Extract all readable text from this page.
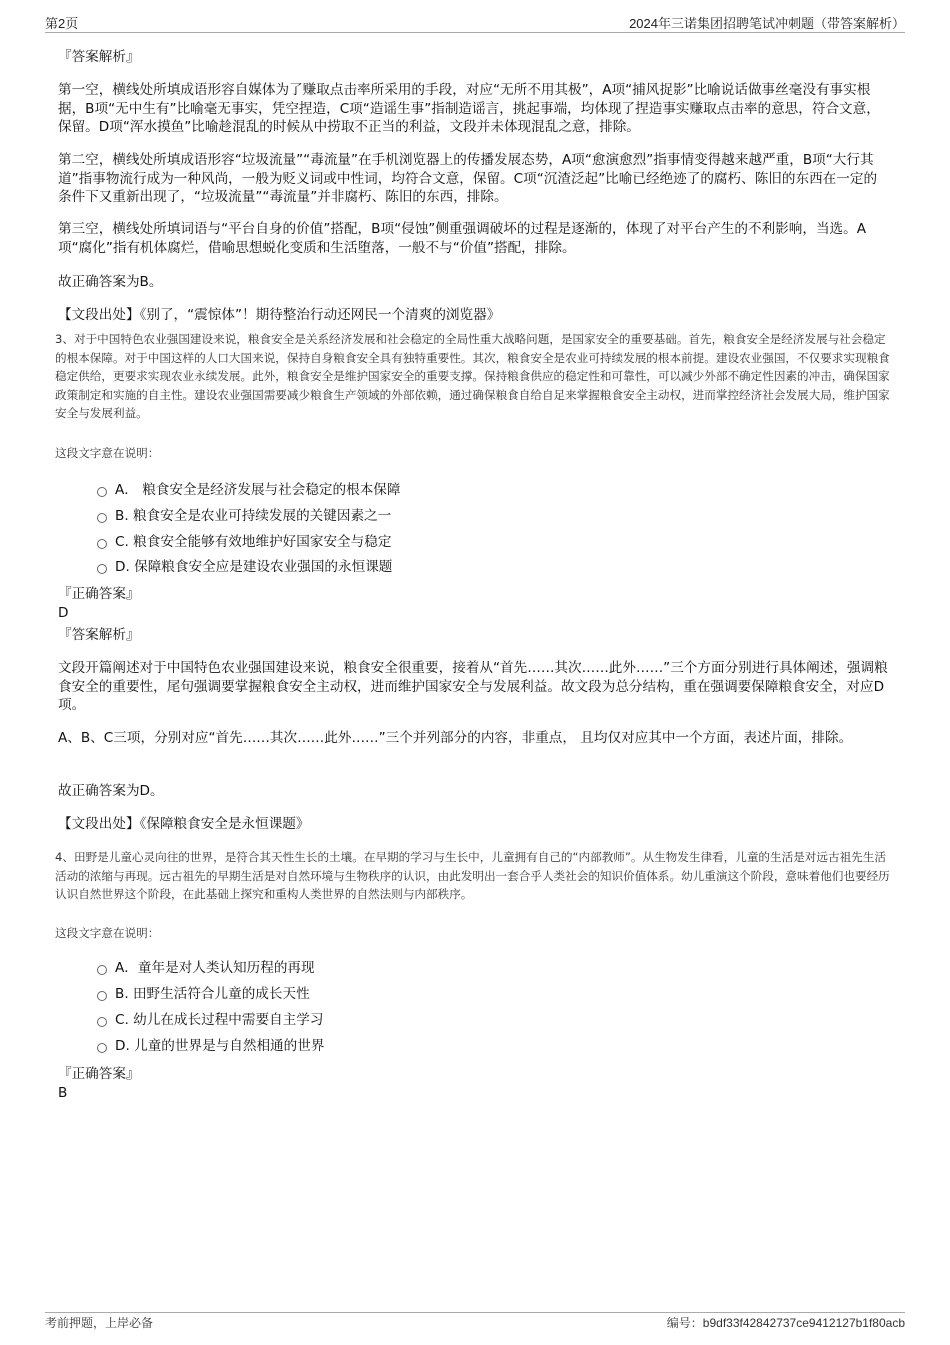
第2页	2024年三诺集团招聘笔试冲刺题（带答案解析）
『答案解析』
第一空，横线处所填成语形容自媒体为了赚取点击率所采用的手段，对应“无所不用其极”，A项“捕风捉影”比喻说话做事丝毫没有事实根据，B项“无中生有”比喻毫无事实，凭空捏造，C项“造谣生事”指制造谣言，挑起事端，均体现了捏造事实赚取点击率的意思，符合文意，保留。D项“浑水摸鱼”比喻趁混乱的时候从中捞取不正当的利益，文段并未体现混乱之意，排除。
第二空，横线处所填成语形容“垃圾流量”“毒流量”在手机浏览器上的传播发展态势，A项“愈演愈烈”指事情变得越来越严重，B项“大行其道”指事物流行成为一种风尚，一般为贬义词或中性词，均符合文意，保留。C项“沉渣泛起”比喻已经绝迹了的腐朽、陈旧的东西在一定的条件下又重新出现了，“垃圾流量”“毒流量”并非腐朽、陈旧的东西，排除。
第三空，横线处所填词语与“平台自身的价值”搭配，B项“侵蚀”侧重强调破坏的过程是逐渐的，体现了对平台产生的不利影响，当选。A项“腐化”指有机体腐烂，借喻思想蜕化变质和生活堕落，一般不与“价值”搭配，排除。
故正确答案为B。
【文段出处】《别了，“震惊体”！期待整治行动还网民一个清爽的浏览器》
3、对于中国特色农业强国建设来说，粮食安全是关系经济发展和社会稳定的全局性重大战略问题，是国家安全的重要基础。首先，粮食安全是经济发展与社会稳定的根本保障。对于中国这样的人口大国来说，保持自身粮食安全具有独特重要性。其次，粮食安全是农业可持续发展的根本前提。建设农业强国，不仅要求实现粮食稳定供给，更要求实现农业永续发展。此外，粮食安全是维护国家安全的重要支撑。保持粮食供应的稳定性和可靠性，可以减少外部不确定性因素的冲击，确保国家政策制定和实施的自主性。建设农业强国需要减少粮食生产领域的外部依赖，通过确保粮食自给自足来掌握粮食安全主动权，进而掌控经济社会发展大局，维护国家安全与发展利益。
这段文字意在说明：
A． 粮食安全是经济发展与社会稳定的根本保障
B. 粮食安全是农业可持续发展的关键因素之一
C. 粮食安全能够有效地维护好国家安全与稳定
D. 保障粮食安全应是建设农业强国的永恒课题
『正确答案』
D
『答案解析』
文段开篇阐述对于中国特色农业强国建设来说，粮食安全很重要，接着从“首先……其次……此外……”三个方面分别进行具体阐述，强调粮食安全的重要性，尾句强调要掌握粮食安全主动权，进而维护国家安全与发展利益。故文段为总分结构，重在强调要保障粮食安全，对应D项。
A、B、C三项，分别对应“首先……其次……此外……”三个并列部分的内容，非重点， 且均仅对应其中一个方面，表述片面，排除。
故正确答案为D。
【文段出处】《保障粮食安全是永恒课题》
4、田野是儿童心灵向往的世界，是符合其天性生长的土壤。在早期的学习与生长中，儿童拥有自己的“内部教师”。从生物发生律看，儿童的生活是对远古祖先生活活动的浓缩与再现。远古祖先的早期生活是对自然环境与生物秩序的认识，由此发明出一套合乎人类社会的知识价值体系。幼儿重演这个阶段，意味着他们也要经历认识自然世界这个阶段，在此基础上探究和重构人类世界的自然法则与内部秩序。
这段文字意在说明：
A．童年是对人类认知历程的再现
B. 田野生活符合儿童的成长天性
C. 幼儿在成长过程中需要自主学习
D. 儿童的世界是与自然相通的世界
『正确答案』
B
考前押题，上岸必备	编号：b9df33f42842737ce9412127b1f80acb
